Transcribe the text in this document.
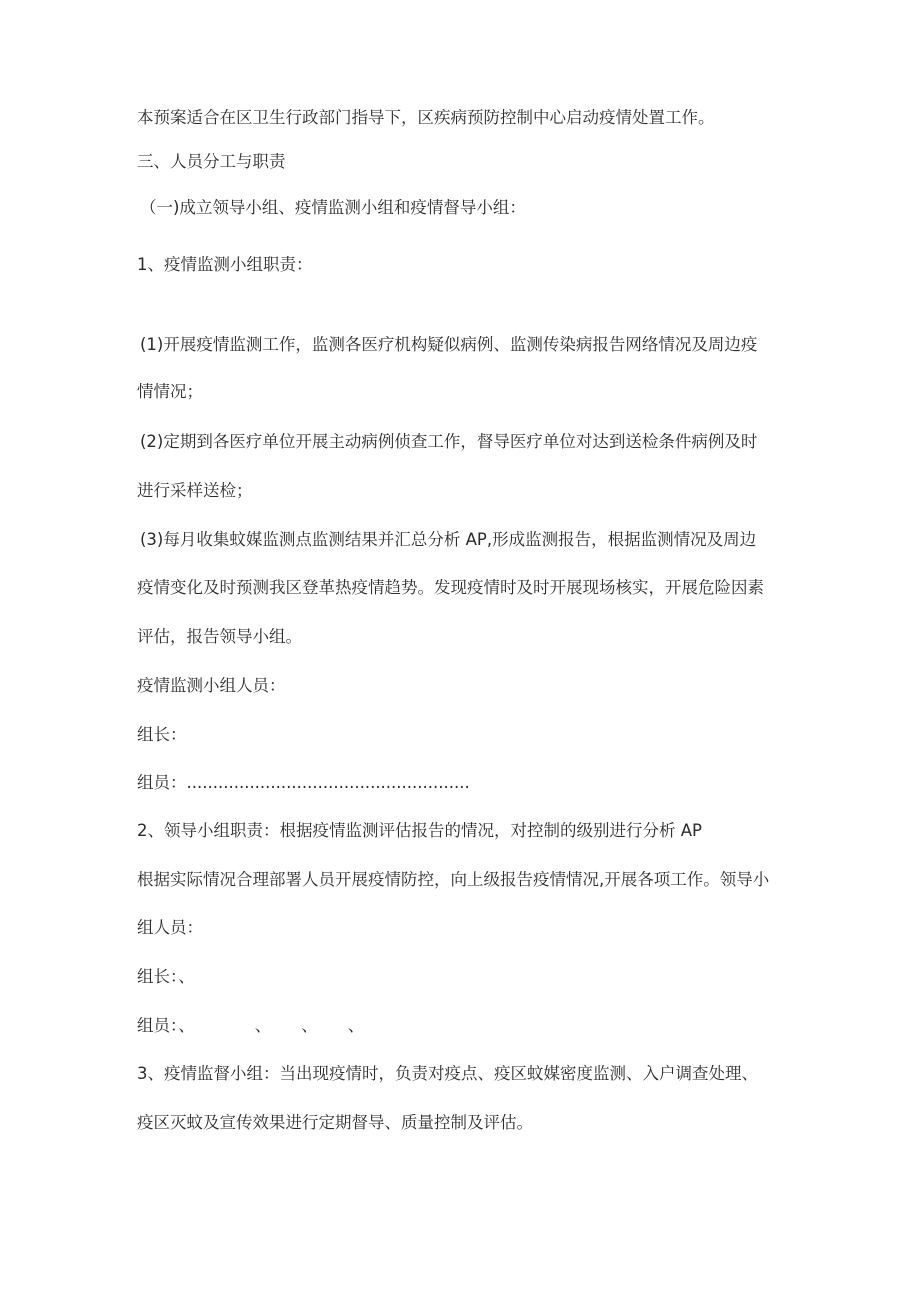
本预案适合在区卫生行政部门指导下，区疾病预防控制中心启动疫情处置工作。
三、人员分工与职责
（一)成立领导小组、疫情监测小组和疫情督导小组：
1、疫情监测小组职责：
(1)开展疫情监测工作，监测各医疗机构疑似病例、监测传染病报告网络情况及周边疫
情情况；
(2)定期到各医疗单位开展主动病例侦查工作，督导医疗单位对达到送检条件病例及时
进行采样送检；
(3)每月收集蚊媒监测点监测结果并汇总分析 AP,形成监测报告，根据监测情况及周边
疫情变化及时预测我区登革热疫情趋势。发现疫情时及时开展现场核实，开展危险因素
评估，报告领导小组。
疫情监测小组人员：
组长：
组员：......................................................
2、领导小组职责：根据疫情监测评估报告的情况，对控制的级别进行分析 AP
根据实际情况合理部署人员开展疫情防控，向上级报告疫情情况,开展各项工作。领导小
组人员：
组长：、
组员：、	、 、 、
3、疫情监督小组：当出现疫情时，负责对疫点、疫区蚊媒密度监测、入户调查处理、
疫区灭蚊及宣传效果进行定期督导、质量控制及评估。
